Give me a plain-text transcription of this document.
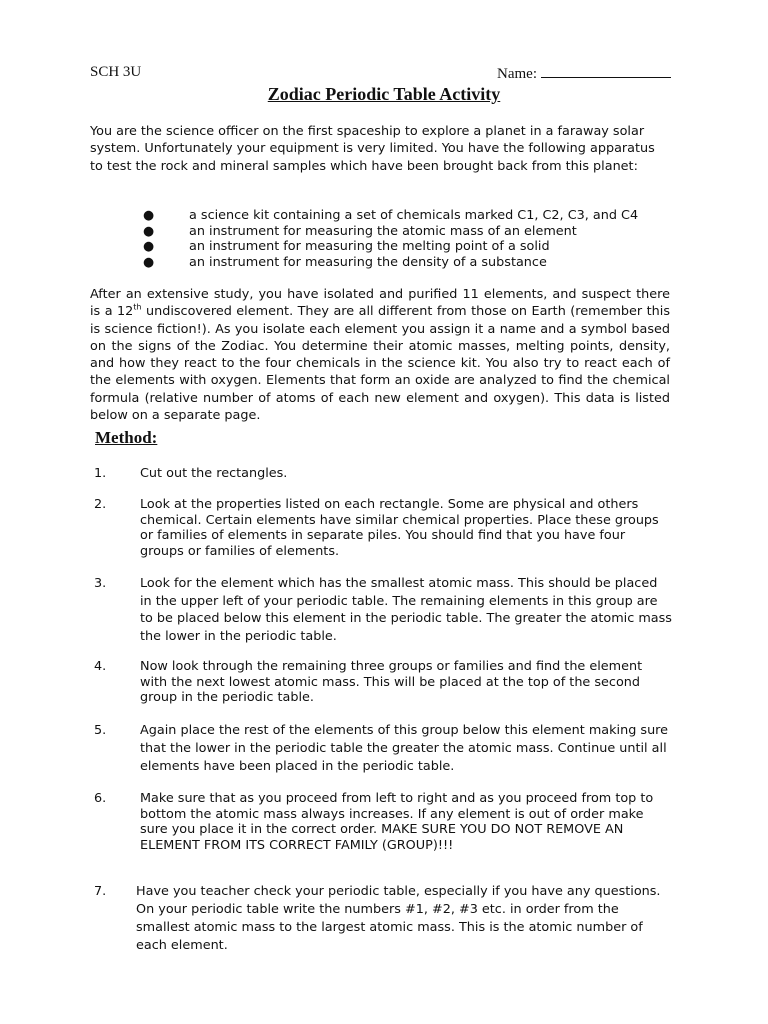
SCH 3U	Name:
Zodiac Periodic Table Activity
You are the science officer on the first spaceship to explore a planet in a faraway solar system. Unfortunately your equipment is very limited. You have the following apparatus to test the rock and mineral samples which have been brought back from this planet:
●	a science kit containing a set of chemicals marked C1, C2, C3, and C4
●	an instrument for measuring the atomic mass of an element
●	an instrument for measuring the melting point of a solid
●	an instrument for measuring the density of a substance
After an extensive study, you have isolated and purified 11 elements, and suspect there is a 12th undiscovered element. They are all different from those on Earth (remember this is science fiction!). As you isolate each element you assign it a name and a symbol based on the signs of the Zodiac. You determine their atomic masses, melting points, density, and how they react to the four chemicals in the science kit. You also try to react each of the elements with oxygen. Elements that form an oxide are analyzed to find the chemical formula (relative number of atoms of each new element and oxygen). This data is listed below on a separate page.
Method:
1.	Cut out the rectangles.
2.	Look at the properties listed on each rectangle. Some are physical and others chemical. Certain elements have similar chemical properties. Place these groups or families of elements in separate piles. You should find that you have four groups or families of elements.
3.	Look for the element which has the smallest atomic mass. This should be placed in the upper left of your periodic table. The remaining elements in this group are to be placed below this element in the periodic table. The greater the atomic mass the lower in the periodic table.
4.	Now look through the remaining three groups or families and find the element with the next lowest atomic mass. This will be placed at the top of the second group in the periodic table.
5.	Again place the rest of the elements of this group below this element making sure that the lower in the periodic table the greater the atomic mass. Continue until all elements have been placed in the periodic table.
6.	Make sure that as you proceed from left to right and as you proceed from top to bottom the atomic mass always increases. If any element is out of order make sure you place it in the correct order. MAKE SURE YOU DO NOT REMOVE AN ELEMENT FROM ITS CORRECT FAMILY (GROUP)!!!
7. Have you teacher check your periodic table, especially if you have any questions. On your periodic table write the numbers #1, #2, #3 etc. in order from the smallest atomic mass to the largest atomic mass. This is the atomic number of each element.
